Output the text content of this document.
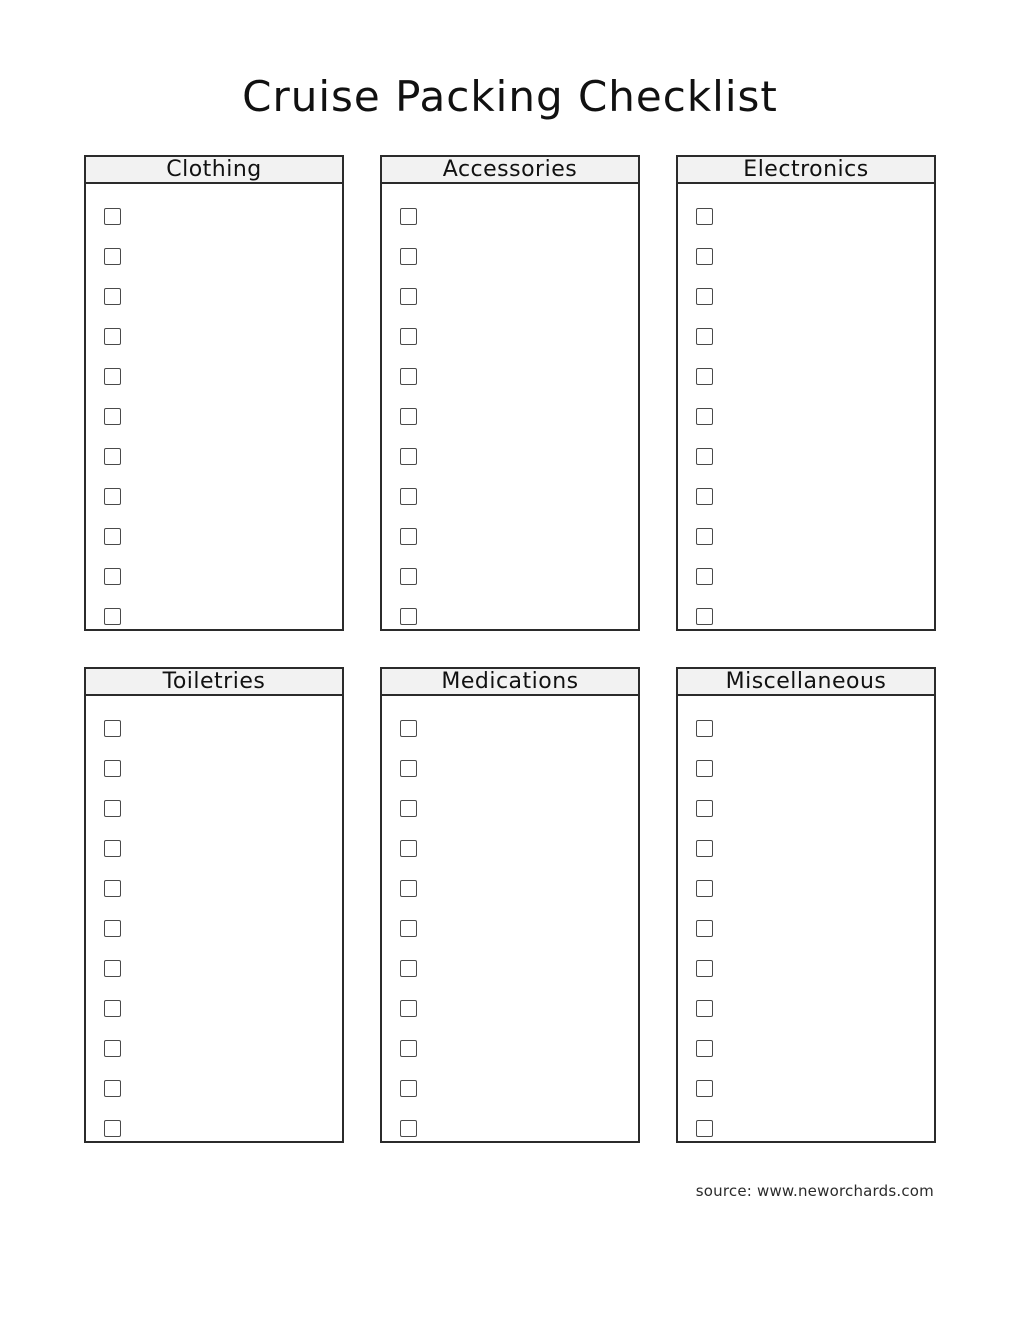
Cruise Packing Checklist
Clothing	Accessories	Electronics
Toiletries	Medications	Miscellaneous
source: www.neworchards.com
